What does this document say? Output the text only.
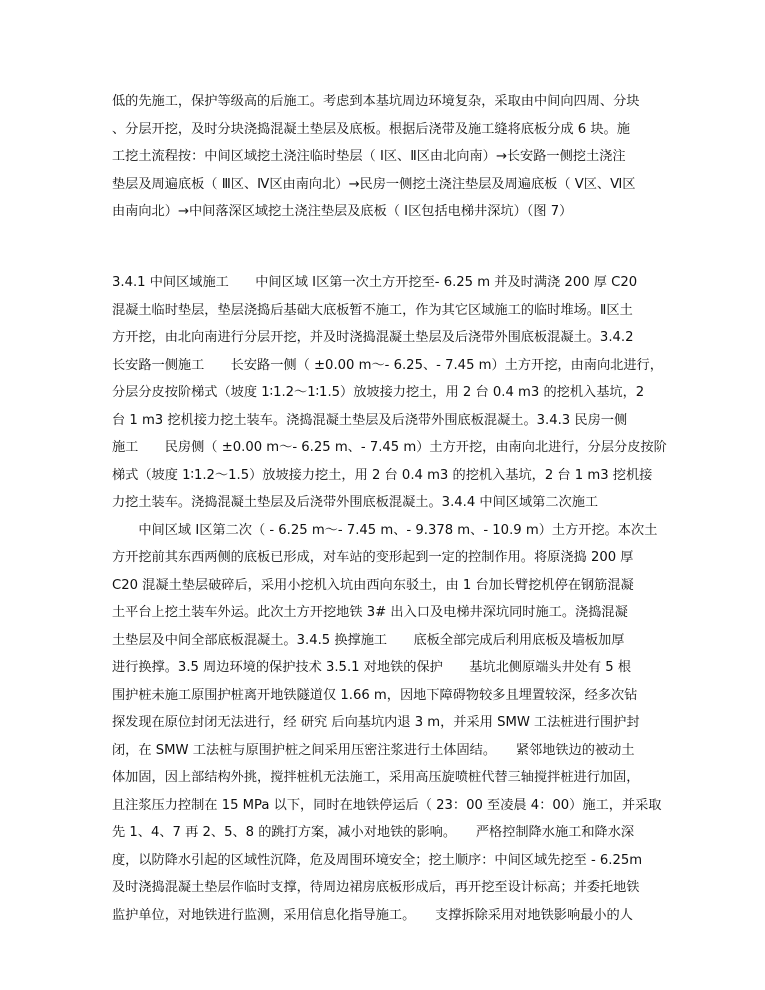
低的先施工，保护等级高的后施工。考虑到本基坑周边环境复杂，采取由中间向四周、分块
、分层开挖，及时分块浇捣混凝土垫层及底板。根据后浇带及施工缝将底板分成 6 块。施
工挖土流程按：中间区域挖土浇注临时垫层（ Ⅰ区、Ⅱ区由北向南）→长安路一侧挖土浇注
垫层及周遍底板（ Ⅲ区、Ⅳ区由南向北）→民房一侧挖土浇注垫层及周遍底板（ Ⅴ区、Ⅵ区
由南向北）→中间落深区域挖土浇注垫层及底板（ Ⅰ区包括电梯井深坑）（图 7）
3.4.1 中间区域施工　　中间区域 Ⅰ区第一次土方开挖至- 6.25 m 并及时满浇 200 厚 C20
混凝土临时垫层，垫层浇捣后基础大底板暂不施工，作为其它区域施工的临时堆场。Ⅱ区土
方开挖，由北向南进行分层开挖，并及时浇捣混凝土垫层及后浇带外围底板混凝土。3.4.2
长安路一侧施工　　长安路一侧（ ±0.00 m～- 6.25、- 7.45 m）土方开挖，由南向北进行，
分层分皮按阶梯式（坡度 1∶1.2～1∶1.5）放坡接力挖土，用 2 台 0.4 m3 的挖机入基坑，2
台 1 m3 挖机接力挖土装车。浇捣混凝土垫层及后浇带外围底板混凝土。3.4.3 民房一侧
施工　　民房侧（ ±0.00 m～- 6.25 m、- 7.45 m）土方开挖，由南向北进行，分层分皮按阶
梯式（坡度 1∶1.2～1.5）放坡接力挖土，用 2 台 0.4 m3 的挖机入基坑，2 台 1 m3 挖机接
力挖土装车。浇捣混凝土垫层及后浇带外围底板混凝土。3.4.4 中间区域第二次施工
　　中间区域 Ⅰ区第二次（ - 6.25 m～- 7.45 m、- 9.378 m、- 10.9 m）土方开挖。本次土
方开挖前其东西两侧的底板已形成，对车站的变形起到一定的控制作用。将原浇捣 200 厚
C20 混凝土垫层破碎后，采用小挖机入坑由西向东驳土，由 1 台加长臂挖机停在钢筋混凝
土平台上挖土装车外运。此次土方开挖地铁 3# 出入口及电梯井深坑同时施工。浇捣混凝
土垫层及中间全部底板混凝土。3.4.5 换撑施工　　底板全部完成后利用底板及墙板加厚
进行换撑。3.5 周边环境的保护技术 3.5.1 对地铁的保护　　基坑北侧原端头井处有 5 根
围护桩未施工原围护桩离开地铁隧道仅 1.66 m，因地下障碍物较多且埋置较深，经多次钻
探发现在原位封闭无法进行，经 研究 后向基坑内退 3 m，并采用 SMW 工法桩进行围护封
闭，在 SMW 工法桩与原围护桩之间采用压密注浆进行土体固结。　　紧邻地铁边的被动土
体加固，因上部结构外挑，搅拌桩机无法施工，采用高压旋喷桩代替三轴搅拌桩进行加固，
且注浆压力控制在 15 MPa 以下，同时在地铁停运后（ 23：00 至凌晨 4：00）施工，并采取
先 1、4、7 再 2、5、8 的跳打方案，减小对地铁的影响。　　严格控制降水施工和降水深
度，以防降水引起的区域性沉降，危及周围环境安全；挖土顺序：中间区域先挖至 - 6.25m
及时浇捣混凝土垫层作临时支撑，待周边裙房底板形成后，再开挖至设计标高；并委托地铁
监护单位，对地铁进行监测，采用信息化指导施工。　　支撑拆除采用对地铁影响最小的人
